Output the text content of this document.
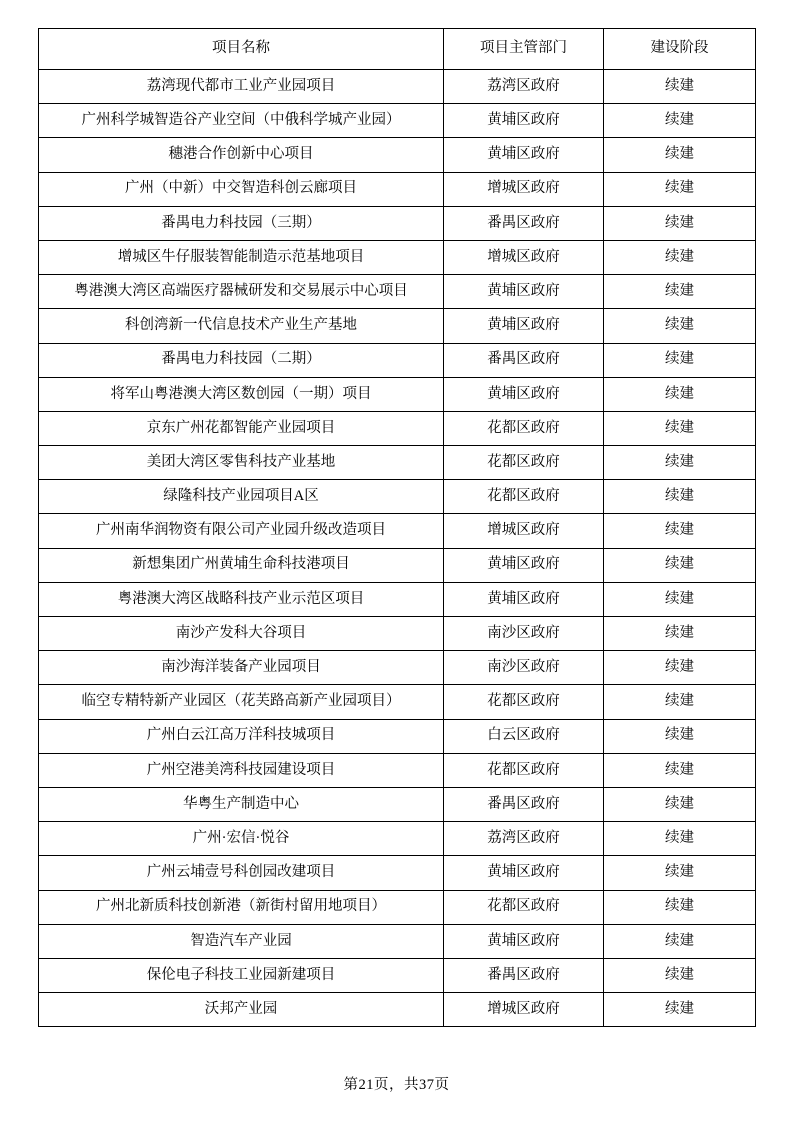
项目名称	项目主管部门	建设阶段

荔湾现代都市工业产业园项目	荔湾区政府	续建

广州科学城智造谷产业空间（中俄科学城产业园）	黄埔区政府	续建

穗港合作创新中心项目	黄埔区政府	续建

广州（中新）中交智造科创云廊项目	增城区政府	续建

番禺电力科技园（三期）	番禺区政府	续建

增城区牛仔服装智能制造示范基地项目	增城区政府	续建

粤港澳大湾区高端医疗器械研发和交易展示中心项目	黄埔区政府	续建

科创湾新一代信息技术产业生产基地	黄埔区政府	续建

番禺电力科技园（二期）	番禺区政府	续建

将军山粤港澳大湾区数创园（一期）项目	黄埔区政府	续建

京东广州花都智能产业园项目	花都区政府	续建

美团大湾区零售科技产业基地	花都区政府	续建

绿隆科技产业园项目A区	花都区政府	续建

广州南华润物资有限公司产业园升级改造项目	增城区政府	续建

新想集团广州黄埔生命科技港项目	黄埔区政府	续建

粤港澳大湾区战略科技产业示范区项目	黄埔区政府	续建

南沙产发科大谷项目	南沙区政府	续建

南沙海洋装备产业园项目	南沙区政府	续建

临空专精特新产业园区（花芙路高新产业园项目）	花都区政府	续建

广州白云江高万洋科技城项目	白云区政府	续建

广州空港美湾科技园建设项目	花都区政府	续建

华粤生产制造中心	番禺区政府	续建

广州·宏信·悦谷	荔湾区政府	续建

广州云埔壹号科创园改建项目	黄埔区政府	续建

广州北新质科技创新港（新街村留用地项目）	花都区政府	续建

智造汽车产业园	黄埔区政府	续建

保伦电子科技工业园新建项目	番禺区政府	续建

沃邦产业园	增城区政府	续建
第21页，共37页
